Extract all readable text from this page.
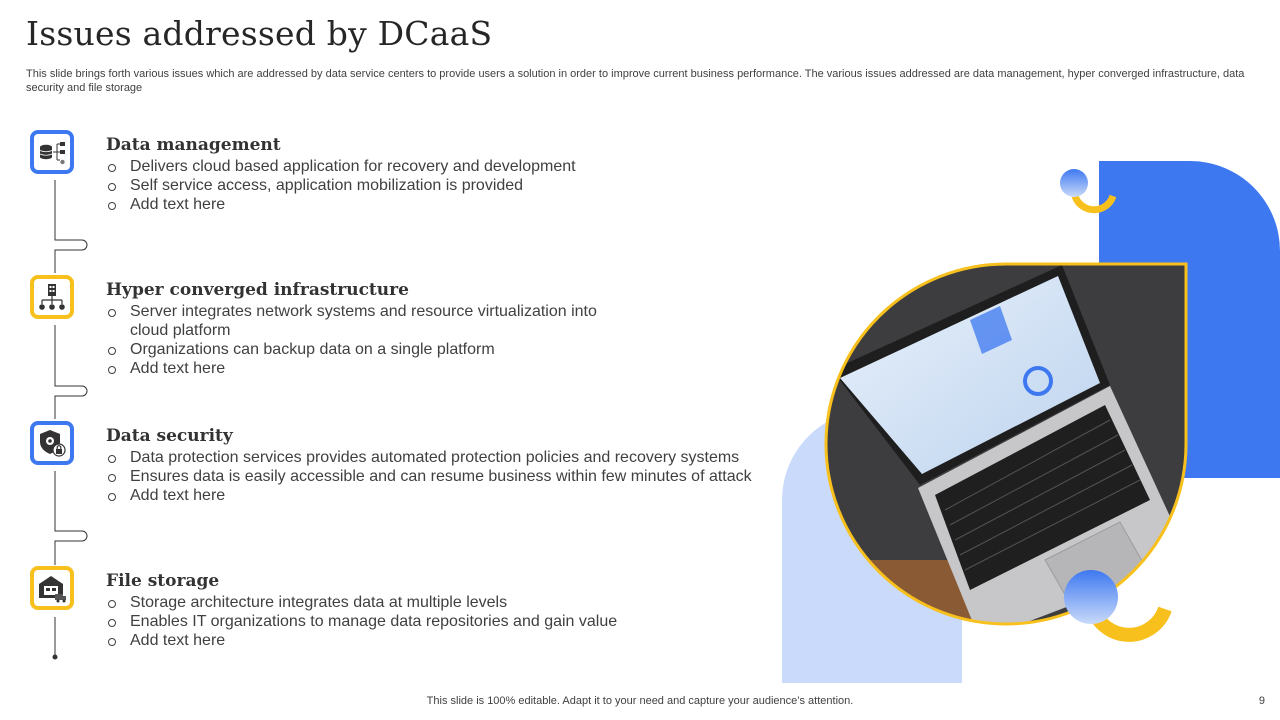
Issues addressed by DCaaS
This slide brings forth various issues which are addressed by data service centers to provide users a solution in order to improve current business performance. The various issues addressed are data management, hyper converged infrastructure, data security and file storage
Data management
Delivers cloud based application for recovery and development
Self service access, application mobilization is provided
Add text here
Hyper converged infrastructure
Server integrates network systems and resource virtualization into cloud platform
Organizations can backup data on a single platform
Add text here
Data security
Data protection services provides automated protection policies and recovery systems
Ensures data is easily accessible and can resume business within few minutes of attack
Add text here
File storage
Storage architecture integrates data at multiple levels
Enables IT organizations to manage data repositories and gain value
Add text here
This slide is 100% editable. Adapt it to your need and capture your audience’s attention.	9
